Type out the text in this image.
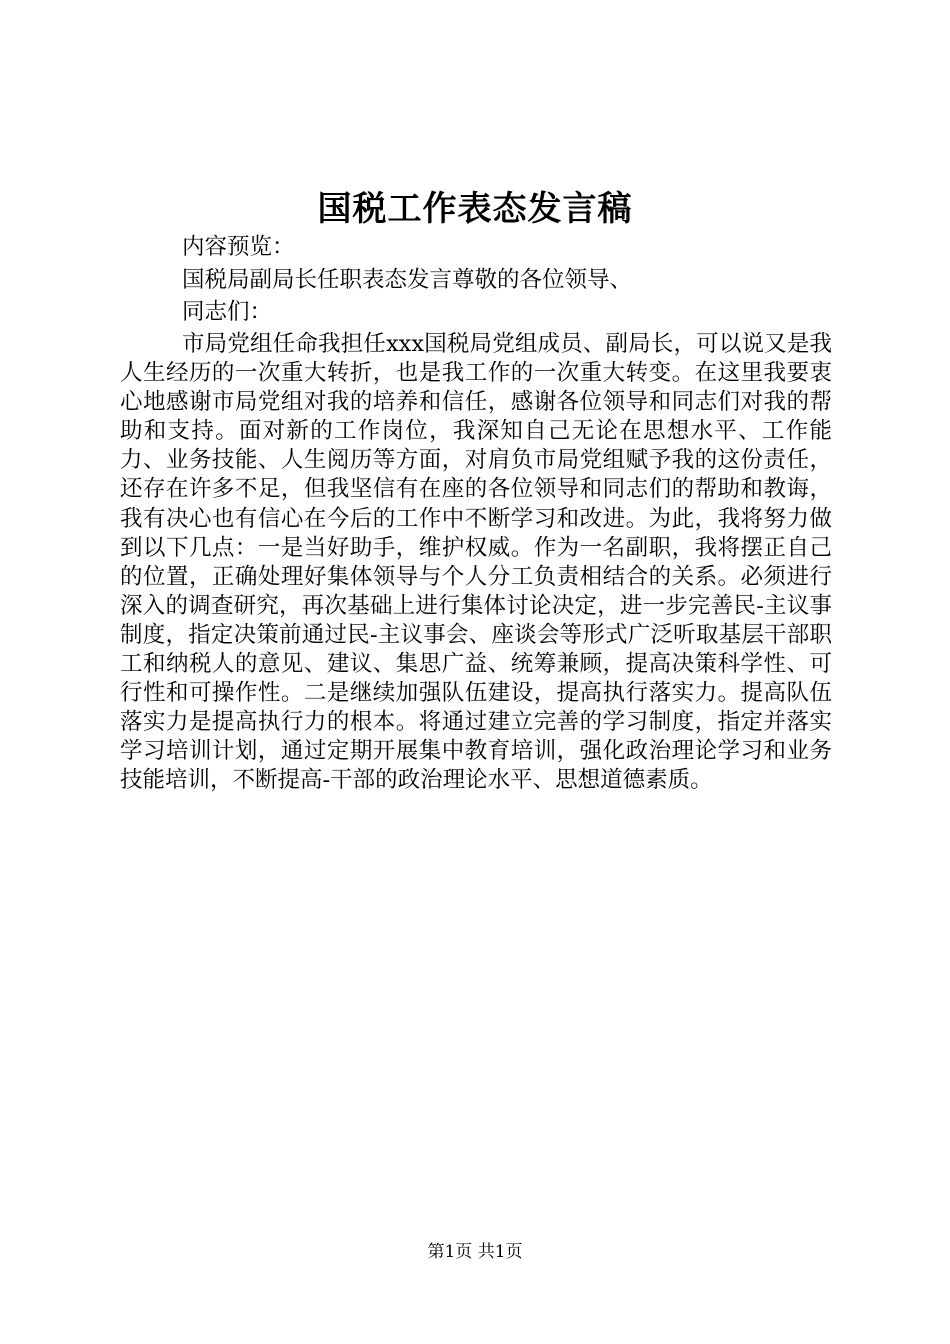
国税工作表态发言稿
内容预览：
国税局副局长任职表态发言尊敬的各位领导、
同志们：

市局党组任命我担任xxx国税局党组成员、副局长，可以说又是我人生经历的一次重大转折，也是我工作的一次重大转变。在这里我要衷心地感谢市局党组对我的培养和信任，感谢各位领导和同志们对我的帮助和支持。面对新的工作岗位，我深知自己无论在思想水平、工作能力、业务技能、人生阅历等方面，对肩负市局党组赋予我的这份责任，还存在许多不足，但我坚信有在座的各位领导和同志们的帮助和教诲，我有决心也有信心在今后的工作中不断学习和改进。为此，我将努力做到以下几点：一是当好助手，维护权威。作为一名副职，我将摆正自己的位置，正确处理好集体领导与个人分工负责相结合的关系。必须进行深入的调查研究，再次基础上进行集体讨论决定，进一步完善民-主议事制度，指定决策前通过民-主议事会、座谈会等形式广泛听取基层干部职工和纳税人的意见、建议、集思广益、统筹兼顾，提高决策科学性、可行性和可操作性。二是继续加强队伍建设，提高执行落实力。提高队伍落实力是提高执行力的根本。将通过建立完善的学习制度，指定并落实学习培训计划，通过定期开展集中教育培训，强化政治理论学习和业务技能培训，不断提高-干部的政治理论水平、思想道德素质。

第1页 共1页
